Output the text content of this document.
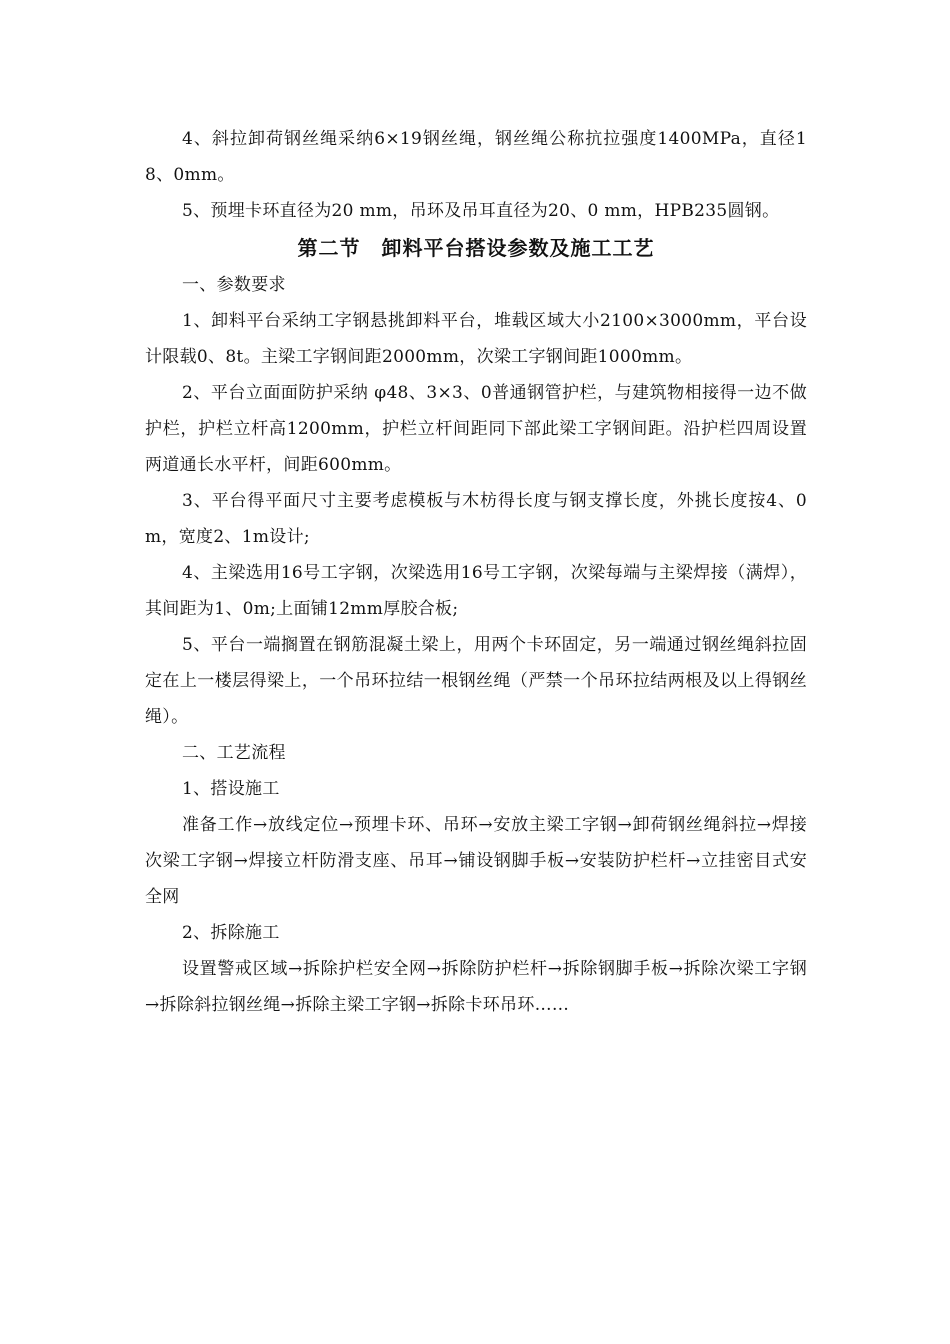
4、斜拉卸荷钢丝绳采纳6×19钢丝绳，钢丝绳公称抗拉强度1400MPa，直径18、0mm。

5、预埋卡环直径为20 mm，吊环及吊耳直径为20、0 mm，HPB235圆钢。

第二节　卸料平台搭设参数及施工工艺

一、参数要求

1、卸料平台采纳工字钢悬挑卸料平台，堆载区域大小2100×3000mm，平台设计限载0、8t。主梁工字钢间距2000mm，次梁工字钢间距1000mm。

2、平台立面面防护采纳 φ48、3×3、0普通钢管护栏，与建筑物相接得一边不做护栏，护栏立杆高1200mm，护栏立杆间距同下部此梁工字钢间距。沿护栏四周设置两道通长水平杆，间距600mm。

3、平台得平面尺寸主要考虑模板与木枋得长度与钢支撑长度，外挑长度按4、0m，宽度2、1m设计;

4、主梁选用16号工字钢，次梁选用16号工字钢，次梁每端与主梁焊接（满焊），其间距为1、0m;上面铺12mm厚胶合板;

5、平台一端搁置在钢筋混凝土梁上，用两个卡环固定，另一端通过钢丝绳斜拉固定在上一楼层得梁上，一个吊环拉结一根钢丝绳（严禁一个吊环拉结两根及以上得钢丝绳）。

二、工艺流程

1、搭设施工

准备工作→放线定位→预埋卡环、吊环→安放主梁工字钢→卸荷钢丝绳斜拉→焊接次梁工字钢→焊接立杆防滑支座、吊耳→铺设钢脚手板→安装防护栏杆→立挂密目式安全网

2、拆除施工

设置警戒区域→拆除护栏安全网→拆除防护栏杆→拆除钢脚手板→拆除次梁工字钢→拆除斜拉钢丝绳→拆除主梁工字钢→拆除卡环吊环……
